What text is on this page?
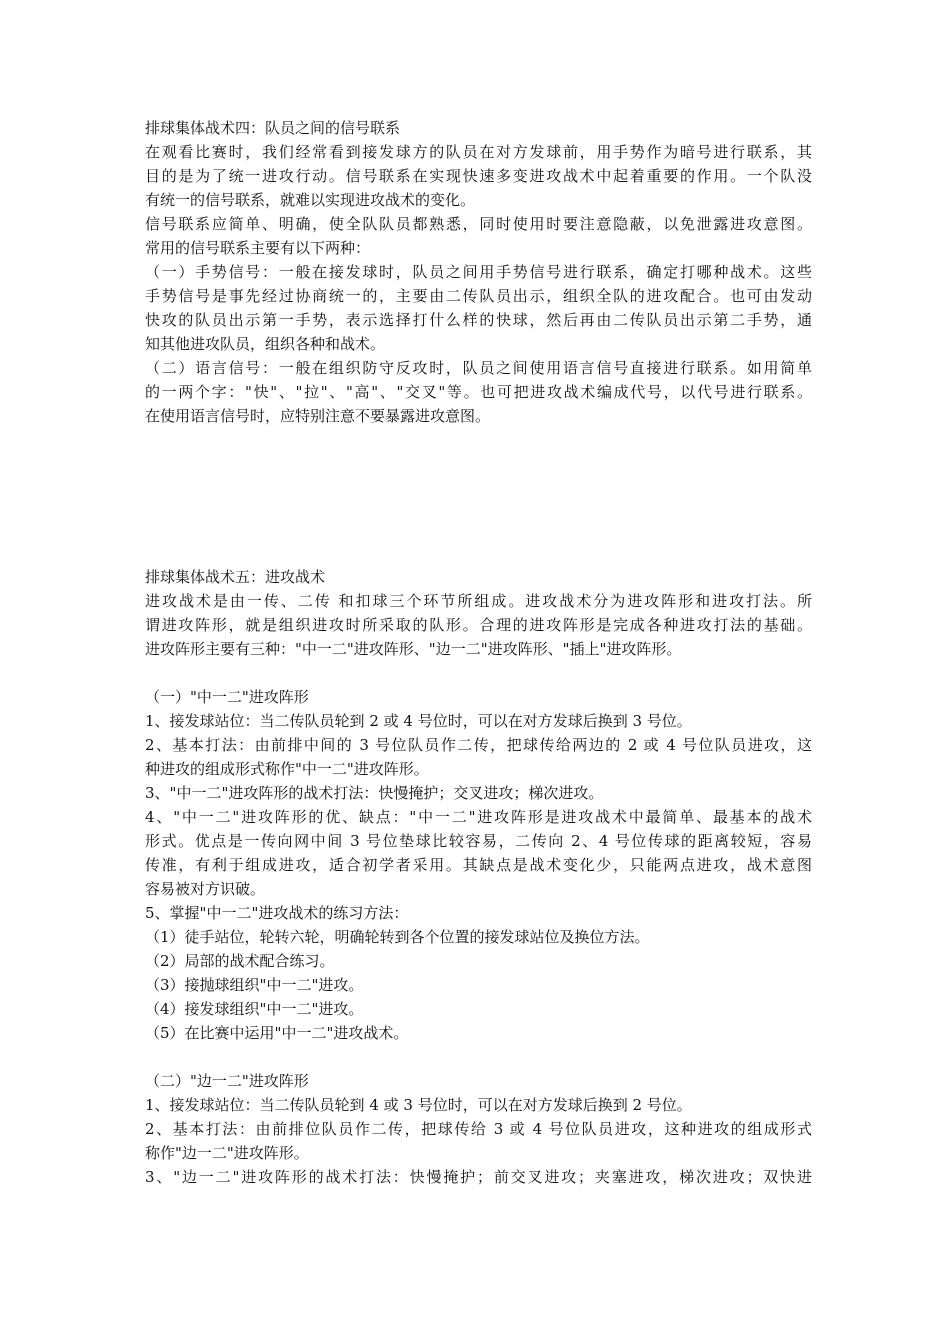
排球集体战术四：队员之间的信号联系
在观看比赛时，我们经常看到接发球方的队员在对方发球前，用手势作为暗号进行联系，其
目的是为了统一进攻行动。信号联系在实现快速多变进攻战术中起着重要的作用。一个队没
有统一的信号联系，就难以实现进攻战术的变化。
信号联系应简单、明确，使全队队员都熟悉，同时使用时要注意隐蔽，以免泄露进攻意图。
常用的信号联系主要有以下两种：
（一）手势信号：一般在接发球时，队员之间用手势信号进行联系，确定打哪种战术。这些
手势信号是事先经过协商统一的，主要由二传队员出示，组织全队的进攻配合。也可由发动
快攻的队员出示第一手势，表示选择打什么样的快球，然后再由二传队员出示第二手势，通
知其他进攻队员，组织各种和战术。
（二）语言信号：一般在组织防守反攻时，队员之间使用语言信号直接进行联系。如用简单
的一两个字："快"、"拉"、"高"、"交叉"等。也可把进攻战术编成代号，以代号进行联系。
在使用语言信号时，应特别注意不要暴露进攻意图。
排球集体战术五：进攻战术
进攻战术是由一传、二传 和扣球三个环节所组成。进攻战术分为进攻阵形和进攻打法。所
谓进攻阵形，就是组织进攻时所采取的队形。合理的进攻阵形是完成各种进攻打法的基础。
进攻阵形主要有三种："中一二"进攻阵形、"边一二"进攻阵形、"插上"进攻阵形。
（一）"中一二"进攻阵形
1、接发球站位：当二传队员轮到 2 或 4 号位时，可以在对方发球后换到 3 号位。
2、基本打法：由前排中间的 3 号位队员作二传，把球传给两边的 2 或 4 号位队员进攻，这
种进攻的组成形式称作"中一二"进攻阵形。
3、"中一二"进攻阵形的战术打法：快慢掩护；交叉进攻；梯次进攻。
4、"中一二"进攻阵形的优、缺点："中一二"进攻阵形是进攻战术中最简单、最基本的战术
形式。优点是一传向网中间 3 号位垫球比较容易，二传向 2、4 号位传球的距离较短，容易
传准，有利于组成进攻，适合初学者采用。其缺点是战术变化少，只能两点进攻，战术意图
容易被对方识破。
5、掌握"中一二"进攻战术的练习方法：
（1）徒手站位，轮转六轮，明确轮转到各个位置的接发球站位及换位方法。
（2）局部的战术配合练习。
（3）接抛球组织"中一二"进攻。
（4）接发球组织"中一二"进攻。
（5）在比赛中运用"中一二"进攻战术。
（二）"边一二"进攻阵形
1、接发球站位：当二传队员轮到 4 或 3 号位时，可以在对方发球后换到 2 号位。
2、基本打法：由前排位队员作二传，把球传给 3 或 4 号位队员进攻，这种进攻的组成形式
称作"边一二"进攻阵形。
3、"边一二"进攻阵形的战术打法：快慢掩护；前交叉进攻；夹塞进攻，梯次进攻；双快进
